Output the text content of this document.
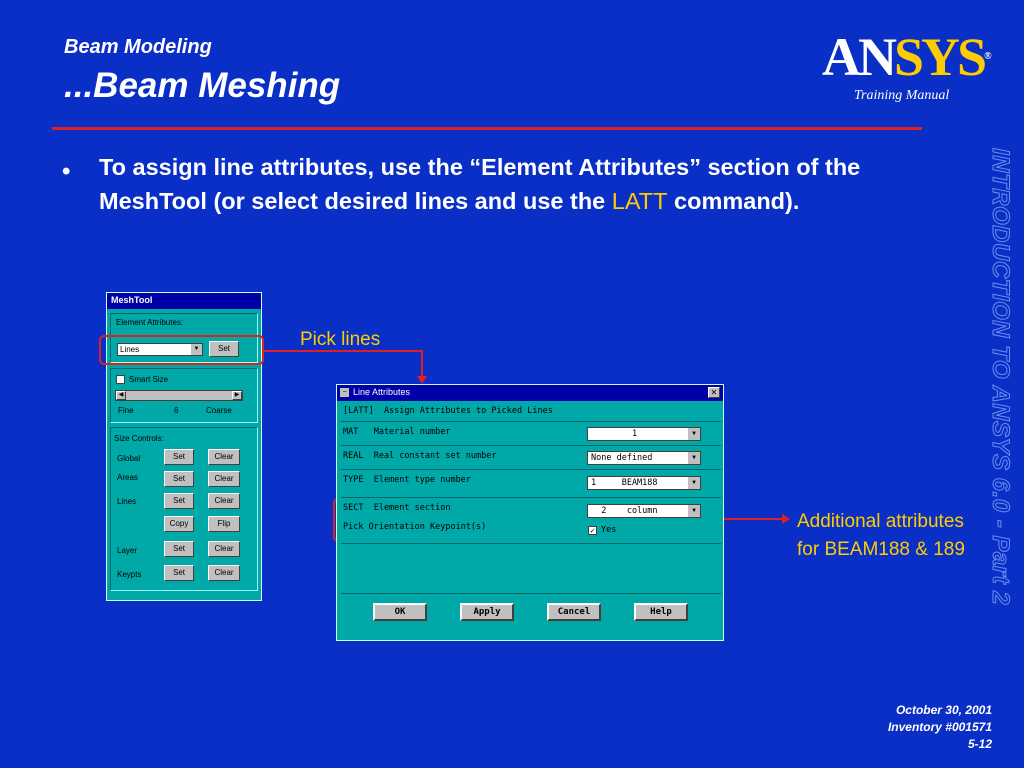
Beam Modeling
...Beam Meshing	ANSYS®
Training Manual
• To assign line attributes, use the “Element Attributes” section of the MeshTool (or select desired lines and use the LATT command).	INTRODUCTION TO ANSYS 6.0 - Part 2
MeshTool
Element Attributes:
Lines	▼	Set
Smart Size
◀	▶
Fine	6	Coarse
Size Controls:
Global	Set	Clear
Areas	Set	Clear
Lines	Set	Clear
Copy	Flip
Layer	Set	Clear
Keypts	Set	Clear
Pick lines
Additional attributes for BEAM188 & 189
− Line Attributes	✕
[LATT]  Assign Attributes to Picked Lines
MAT   Material number	1	▼
REAL  Real constant set number	None defined	▼
TYPE  Element type number	1     BEAM188	▼
SECT  Element section	2    column	▼
Pick Orientation Keypoint(s)	✓ Yes
OK	Apply	Cancel	Help
October 30, 2001
Inventory #001571
5-12
